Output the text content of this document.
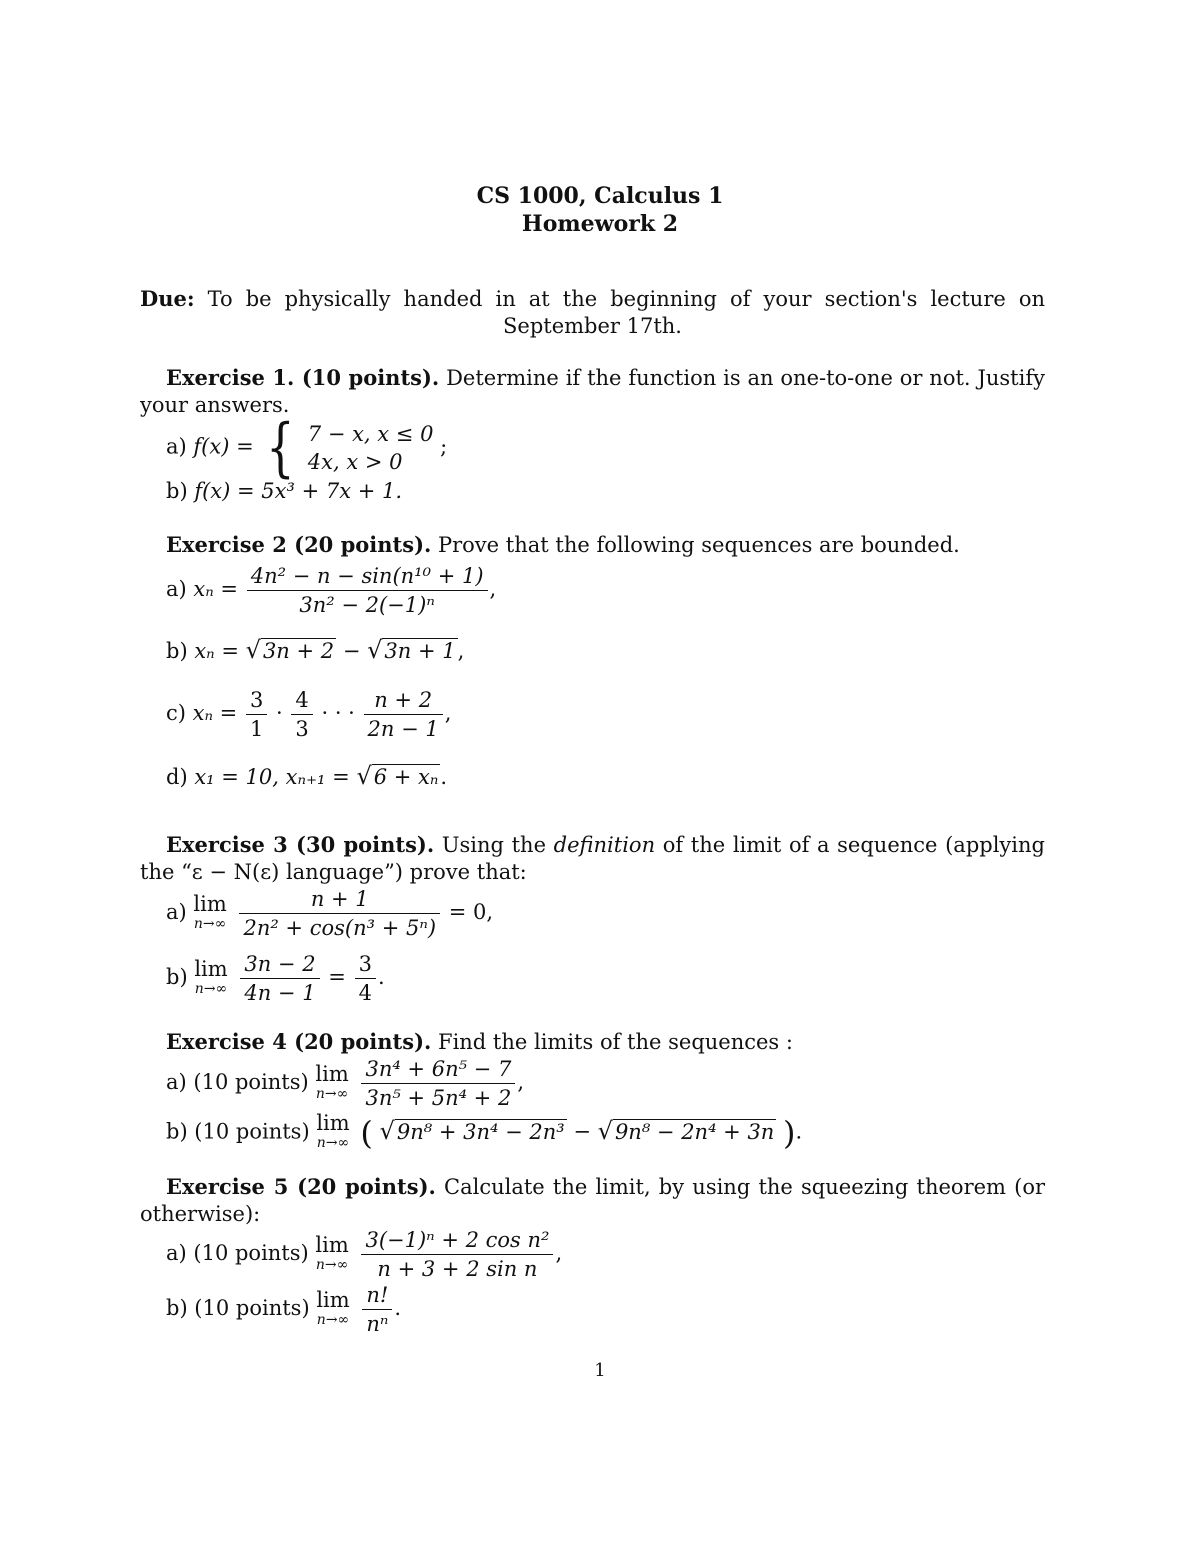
CS 1000, Calculus 1
Homework 2
Due: To be physically handed in at the beginning of your section's lecture on September 17th.
Exercise 1. (10 points). Determine if the function is an one-to-one or not. Justify your answers.
a) f(x) = { 7 − x, x ≤ 0
4x, x > 0
;
b) f(x) = 5x³ + 7x + 1.
Exercise 2 (20 points). Prove that the following sequences are bounded.
a) $x_n = \frac{\text{4n² − n − sin(n¹⁰ + 1)}}{\text{3n² − 2(−1)ⁿ}}$ ,
b) xₙ = √3n + 2 − √3n + 1,
c) $x_n = \frac{3}{1} \cdot \frac{4}{3}$ · · · $\frac{n + 2}{2n - 1}$ ,
d) x₁ = 10, xₙ₊₁ = √6 + xₙ.
Exercise 3 (30 points). Using the definition of the limit of a sequence (applying the “ε − N(ε) language”) prove that:
a) lim
n→∞
$\frac{n + 1}{\text{2n² + cos(n³ + 5ⁿ)}} = 0$,
b) lim
n→∞
$\frac{3n - 2}{4n - 1} = \frac{3}{4}$ .
Exercise 4 (20 points). Find the limits of the sequences :
a) (10 points) lim
n→∞
$\frac{\text{3n⁴ + 6n⁵ − 7}}{\text{3n⁵ + 5n⁴ + 2}}$ ,
b) (10 points) lim
n→∞ ( √9n⁸ + 3n⁴ − 2n³ − √9n⁸ − 2n⁴ + 3n ).
Exercise 5 (20 points). Calculate the limit, by using the squeezing theorem (or otherwise):
a) (10 points) lim
n→∞
$\frac{\text{3(−1)ⁿ + 2 cos n²}}{\text{n + 3 + 2 sin n}}$ ,
b) (10 points) lim
n→∞
$\frac{n!}{\text{nⁿ}}$ .
1
